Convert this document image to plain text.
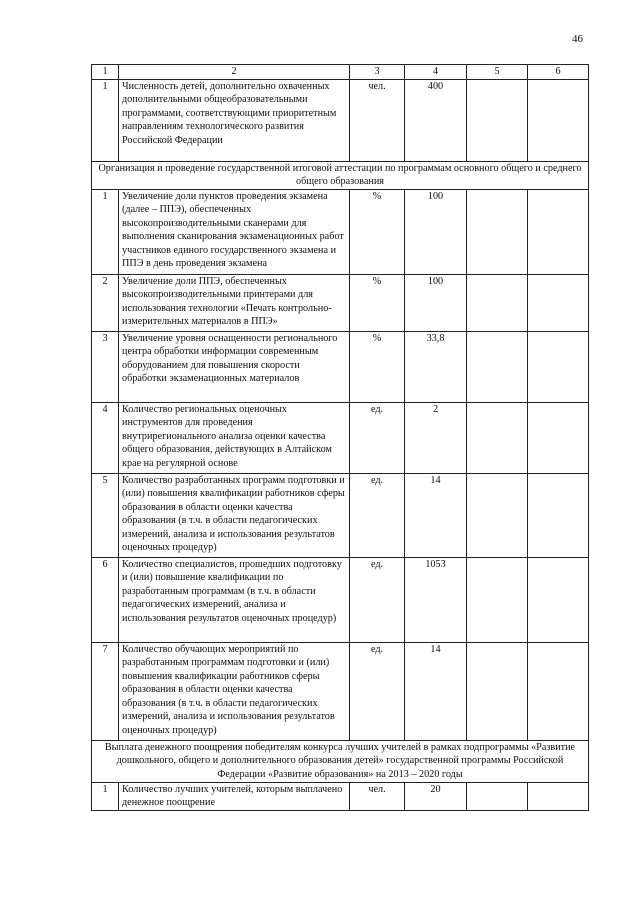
46
1	2	3	4	5	6
1	Численность детей, дополнительно охваченных дополнительными общеобразовательными программами, соответствующими приоритетным направлениям технологического развития Российской Федерации	чел.	400		
Организация и проведение государственной итоговой аттестации по программам основного общего и среднего общего образования					
1	Увеличение доли пунктов проведения экзамена (далее – ППЭ), обеспеченных высокопроизводительными сканерами для выполнения сканирования экзаменационных работ участников единого государственного экзамена и ППЭ в день проведения экзамена	%	100		
2	Увеличение доли ППЭ, обеспеченных высокопроизводительными принтерами для использования технологии «Печать контрольно-измерительных материалов в ППЭ»	%	100		
3	Увеличение уровня оснащенности регионального центра обработки информации современным оборудованием для повышения скорости обработки экзаменационных материалов	%	33,8		
4	Количество региональных оценочных инструментов для проведения внутрирегионального анализа оценки качества общего образования, действующих в Алтайском крае на регулярной основе	ед.	2		
5	Количество разработанных программ подготовки и (или) повышения квалификации работников сферы образования в области оценки качества образования (в т.ч. в области педагогических измерений, анализа и использования результатов оценочных процедур)	ед.	14		
6	Количество специалистов, прошедших подготовку и (или) повышение квалификации по разработанным программам (в т.ч. в области педагогических измерений, анализа и использования результатов оценочных процедур)	ед.	1053		
7	Количество обучающих мероприятий по разработанным программам подготовки и (или) повышения квалификации работников сферы образования в области оценки качества образования (в т.ч. в области педагогических измерений, анализа и использования результатов оценочных процедур)	ед.	14		
Выплата денежного поощрения победителям конкурса лучших учителей в рамках подпрограммы «Развитие дошкольного, общего и дополнительного образования детей» государственной программы Российской Федерации «Развитие образования» на 2013 – 2020 годы					
1	Количество лучших учителей, которым выплачено денежное поощрение	чел.	20		
